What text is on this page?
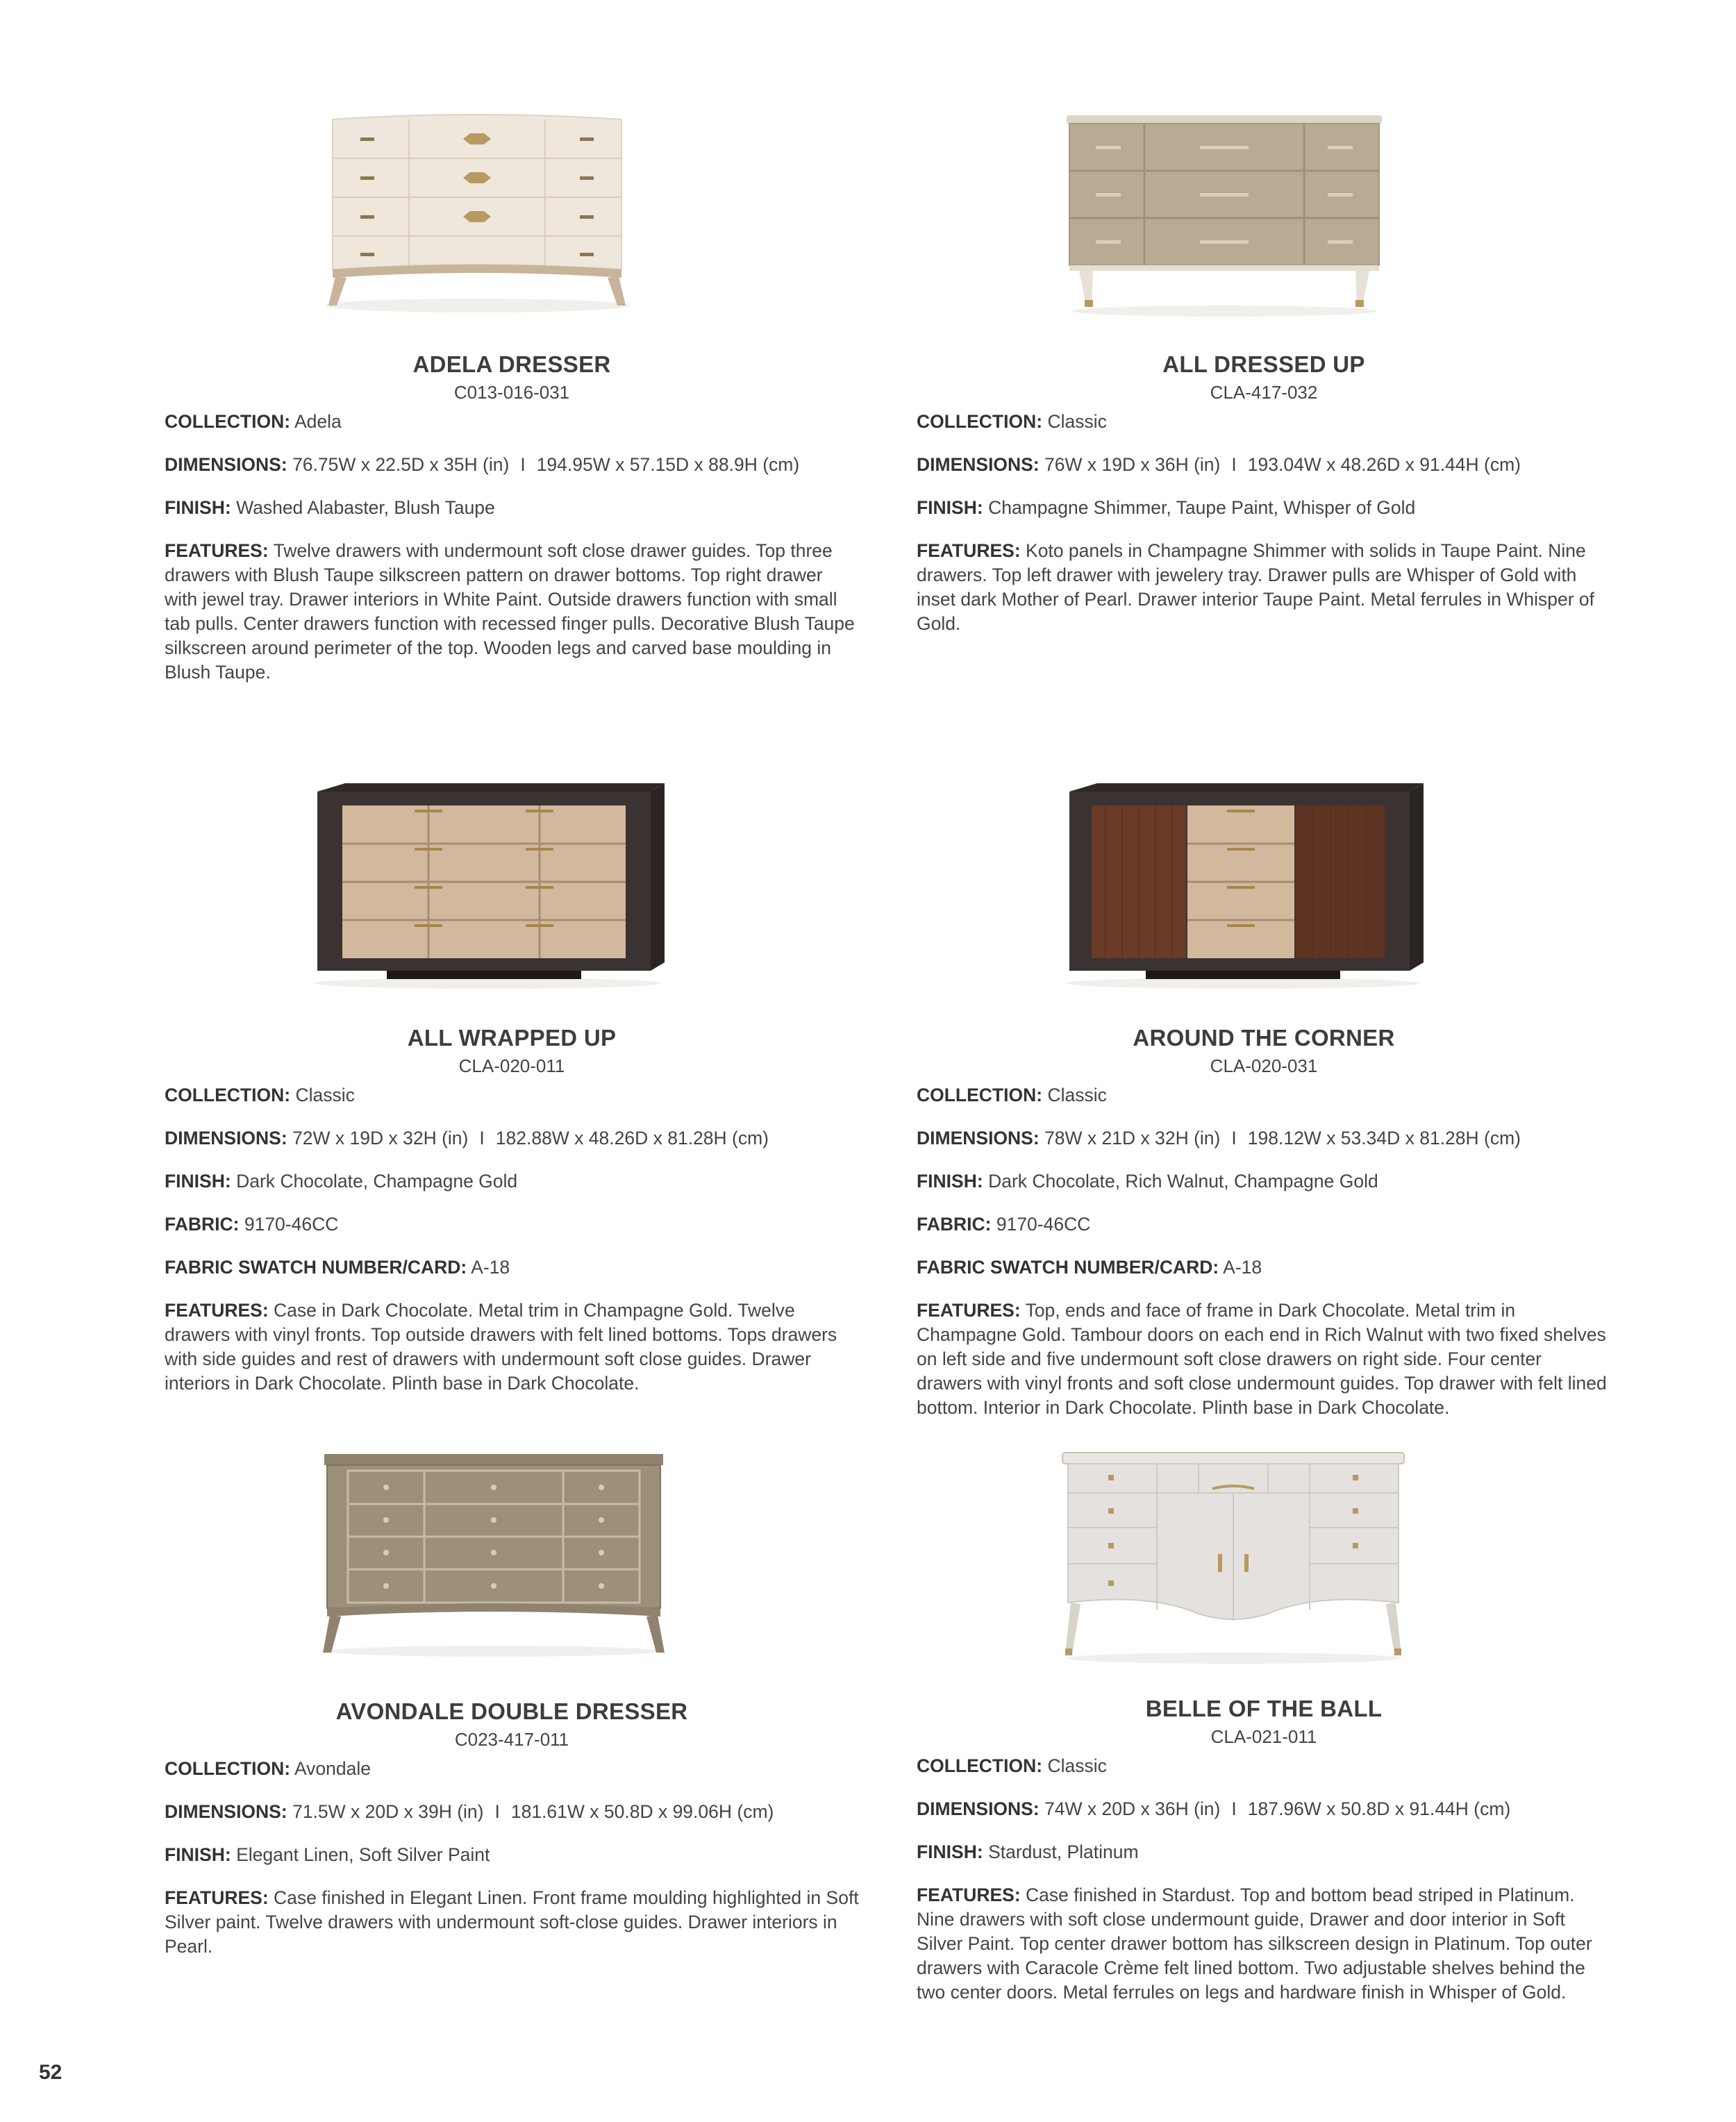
ADELA DRESSER
C013-016-031
COLLECTION: Adela
DIMENSIONS: 76.75W x 22.5D x 35H (in) I 194.95W x 57.15D x 88.9H (cm)
FINISH: Washed Alabaster, Blush Taupe
FEATURES: Twelve drawers with undermount soft close drawer guides. Top three drawers with Blush Taupe silkscreen pattern on drawer bottoms. Top right drawer with jewel tray. Drawer interiors in White Paint. Outside drawers function with small tab pulls. Center drawers function with recessed finger pulls. Decorative Blush Taupe silkscreen around perimeter of the top. Wooden legs and carved base moulding in Blush Taupe.
ALL DRESSED UP
CLA-417-032
COLLECTION: Classic
DIMENSIONS: 76W x 19D x 36H (in) I 193.04W x 48.26D x 91.44H (cm)
FINISH: Champagne Shimmer, Taupe Paint, Whisper of Gold
FEATURES: Koto panels in Champagne Shimmer with solids in Taupe Paint. Nine drawers. Top left drawer with jewelery tray. Drawer pulls are Whisper of Gold with inset dark Mother of Pearl. Drawer interior Taupe Paint. Metal ferrules in Whisper of Gold.
ALL WRAPPED UP
CLA-020-011
COLLECTION: Classic
DIMENSIONS: 72W x 19D x 32H (in) I 182.88W x 48.26D x 81.28H (cm)
FINISH: Dark Chocolate, Champagne Gold
FABRIC: 9170-46CC
FABRIC SWATCH NUMBER/CARD: A-18
FEATURES: Case in Dark Chocolate. Metal trim in Champagne Gold. Twelve drawers with vinyl fronts. Top outside drawers with felt lined bottoms. Tops drawers with side guides and rest of drawers with undermount soft close guides. Drawer interiors in Dark Chocolate. Plinth base in Dark Chocolate.
AROUND THE CORNER
CLA-020-031
COLLECTION: Classic
DIMENSIONS: 78W x 21D x 32H (in) I 198.12W x 53.34D x 81.28H (cm)
FINISH: Dark Chocolate, Rich Walnut, Champagne Gold
FABRIC: 9170-46CC
FABRIC SWATCH NUMBER/CARD: A-18
FEATURES: Top, ends and face of frame in Dark Chocolate. Metal trim in Champagne Gold. Tambour doors on each end in Rich Walnut with two fixed shelves on left side and five undermount soft close drawers on right side. Four center drawers with vinyl fronts and soft close undermount guides. Top drawer with felt lined bottom. Interior in Dark Chocolate. Plinth base in Dark Chocolate.
AVONDALE DOUBLE DRESSER
C023-417-011
COLLECTION: Avondale
DIMENSIONS: 71.5W x 20D x 39H (in) I 181.61W x 50.8D x 99.06H (cm)
FINISH: Elegant Linen, Soft Silver Paint
FEATURES: Case finished in Elegant Linen. Front frame moulding highlighted in Soft Silver paint. Twelve drawers with undermount soft-close guides. Drawer interiors in Pearl.
BELLE OF THE BALL
CLA-021-011
COLLECTION: Classic
DIMENSIONS: 74W x 20D x 36H (in) I 187.96W x 50.8D x 91.44H (cm)
FINISH: Stardust, Platinum
FEATURES: Case finished in Stardust. Top and bottom bead striped in Platinum. Nine drawers with soft close undermount guide, Drawer and door interior in Soft Silver Paint. Top center drawer bottom has silkscreen design in Platinum. Top outer drawers with Caracole Crème felt lined bottom. Two adjustable shelves behind the two center doors. Metal ferrules on legs and hardware finish in Whisper of Gold.
52
